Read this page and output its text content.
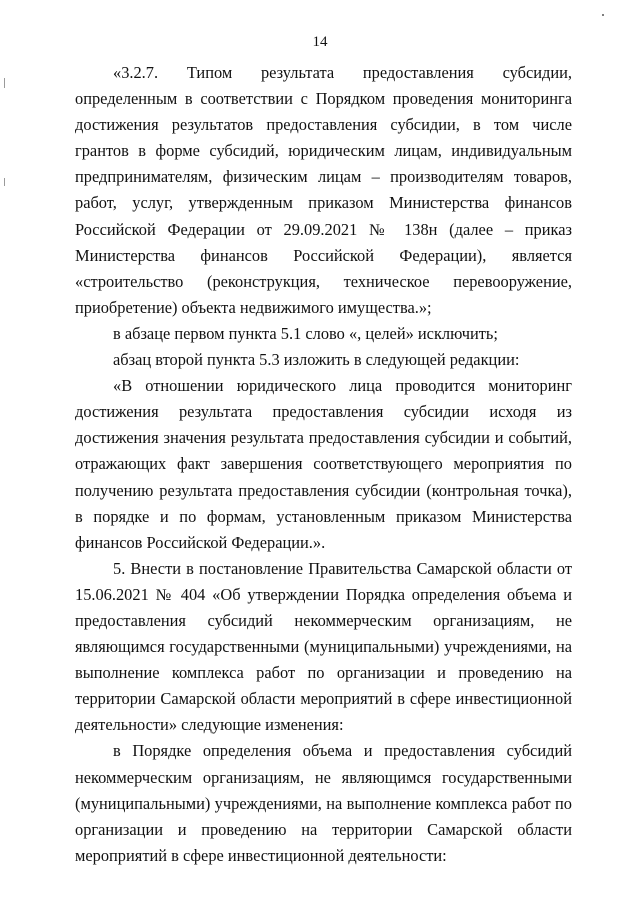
14

«3.2.7. Типом результата предоставления субсидии, определенным в соответствии с Порядком проведения мониторинга достижения результатов предоставления субсидии, в том числе грантов в форме субсидий, юридическим лицам, индивидуальным предпринимателям, физическим лицам – производителям товаров, работ, услуг, утвержденным приказом Министерства финансов Российской Федерации от 29.09.2021 № 138н (далее – приказ Министерства финансов Российской Федерации), является «строительство (реконструкция, техническое перевооружение, приобретение) объекта недвижимого имущества.»;

в абзаце первом пункта 5.1 слово «, целей» исключить;

абзац второй пункта 5.3 изложить в следующей редакции:

«В отношении юридического лица проводится мониторинг достижения результата предоставления субсидии исходя из достижения значения результата предоставления субсидии и событий, отражающих факт завершения соответствующего мероприятия по получению результата предоставления субсидии (контрольная точка), в порядке и по формам, установленным приказом Министерства финансов Российской Федерации.».

5. Внести в постановление Правительства Самарской области от 15.06.2021 № 404 «Об утверждении Порядка определения объема и предоставления субсидий некоммерческим организациям, не являющимся государственными (муниципальными) учреждениями, на выполнение комплекса работ по организации и проведению на территории Самарской области мероприятий в сфере инвестиционной деятельности» следующие изменения:

в Порядке определения объема и предоставления субсидий некоммерческим организациям, не являющимся государственными (муниципальными) учреждениями, на выполнение комплекса работ по организации и проведению на территории Самарской области мероприятий в сфере инвестиционной деятельности:
